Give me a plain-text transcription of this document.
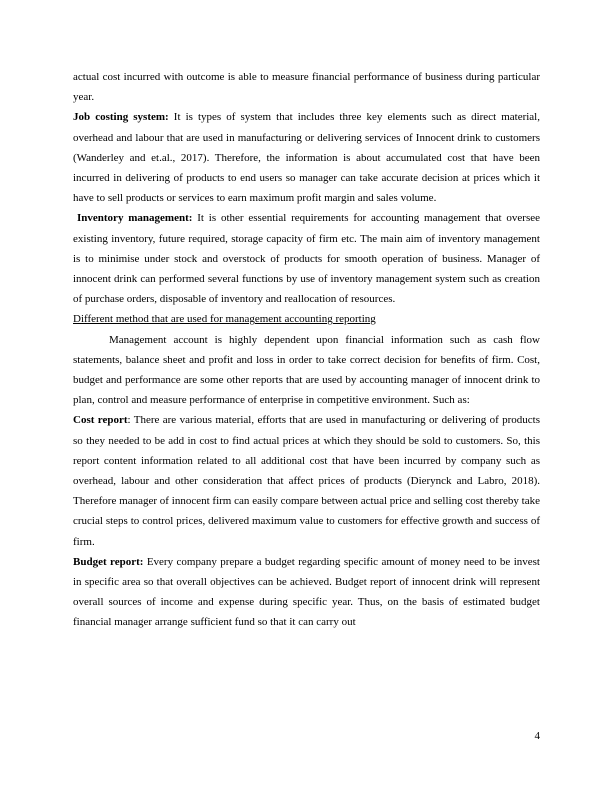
actual cost incurred with outcome is able to measure financial performance of business during particular year.

Job costing system: It is types of system that includes three key elements such as direct material, overhead and labour that are used in manufacturing or delivering services of Innocent drink to customers (Wanderley and et.al., 2017). Therefore, the information is about accumulated cost that have been incurred in delivering of products to end users so manager can take accurate decision at prices which it have to sell products or services to earn maximum profit margin and sales volume.

Inventory management: It is other essential requirements for accounting management that oversee existing inventory, future required, storage capacity of firm etc. The main aim of inventory management is to minimise under stock and overstock of products for smooth operation of business. Manager of innocent drink can performed several functions by use of inventory management system such as creation of purchase orders, disposable of inventory and reallocation of resources.

Different method that are used for management accounting reporting

Management account is highly dependent upon financial information such as cash flow statements, balance sheet and profit and loss in order to take correct decision for benefits of firm. Cost, budget and performance are some other reports that are used by accounting manager of innocent drink to plan, control and measure performance of enterprise in competitive environment. Such as:

Cost report: There are various material, efforts that are used in manufacturing or delivering of products so they needed to be add in cost to find actual prices at which they should be sold to customers. So, this report content information related to all additional cost that have been incurred by company such as overhead, labour and other consideration that affect prices of products (Dierynck and Labro, 2018). Therefore manager of innocent firm can easily compare between actual price and selling cost thereby take crucial steps to control prices, delivered maximum value to customers for effective growth and success of firm.

Budget report: Every company prepare a budget regarding specific amount of money need to be invest in specific area so that overall objectives can be achieved. Budget report of innocent drink will represent overall sources of income and expense during specific year. Thus, on the basis of estimated budget financial manager arrange sufficient fund so that it can carry out

4
